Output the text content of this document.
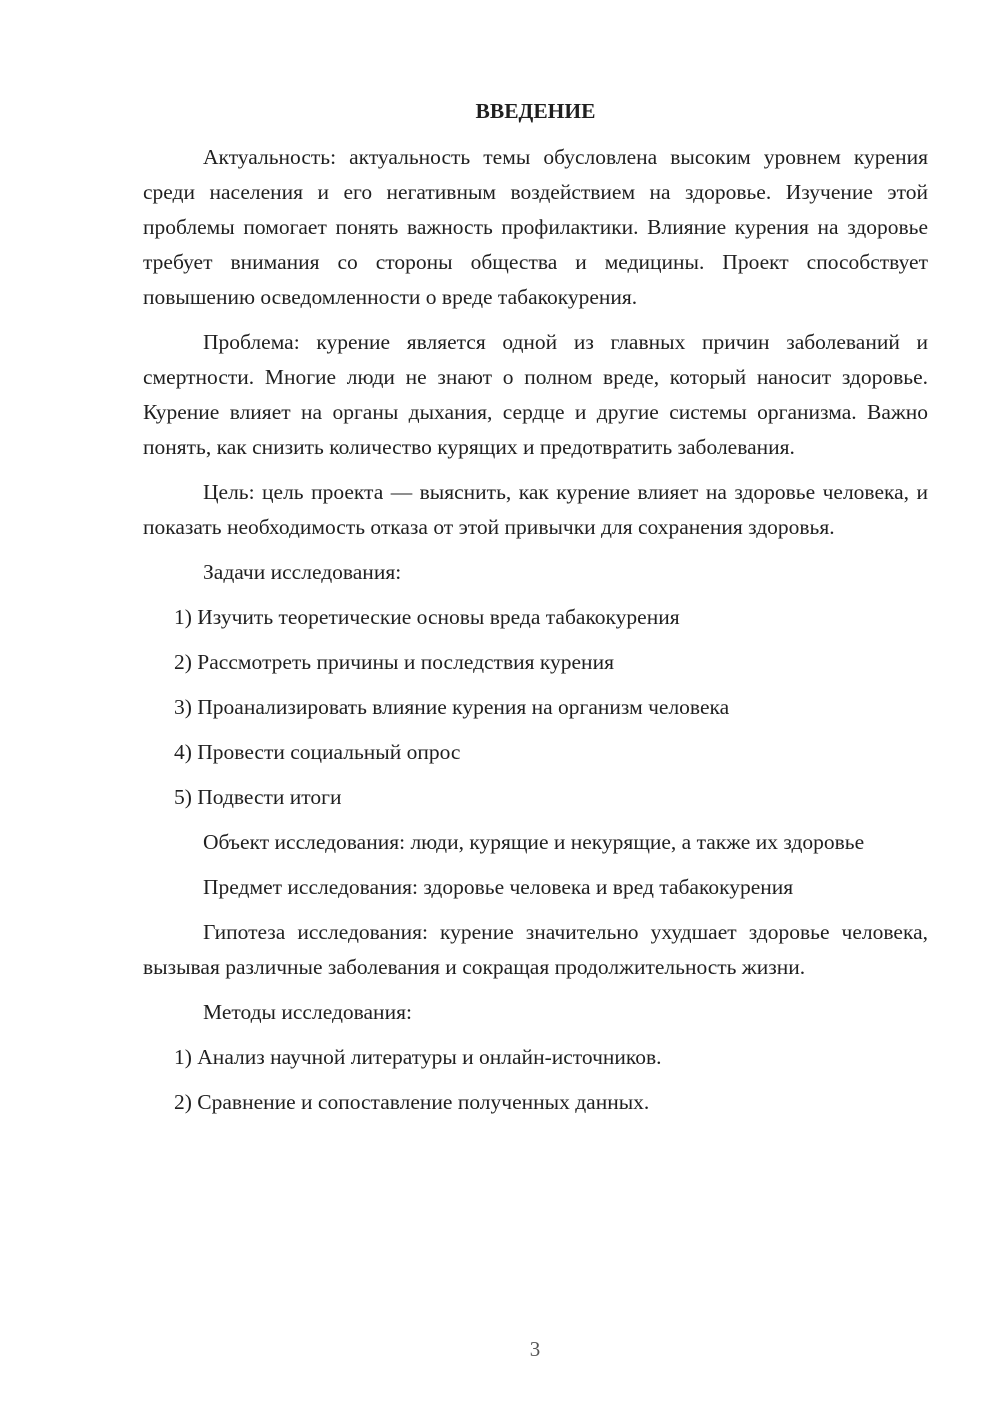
ВВЕДЕНИЕ

Актуальность: актуальность темы обусловлена высоким уровнем курения среди населения и его негативным воздействием на здоровье. Изучение этой проблемы помогает понять важность профилактики. Влияние курения на здоровье требует внимания со стороны общества и медицины. Проект способствует повышению осведомленности о вреде табакокурения.

Проблема: курение является одной из главных причин заболеваний и смертности. Многие люди не знают о полном вреде, который наносит здоровье. Курение влияет на органы дыхания, сердце и другие системы организма. Важно понять, как снизить количество курящих и предотвратить заболевания.

Цель: цель проекта — выяснить, как курение влияет на здоровье человека, и показать необходимость отказа от этой привычки для сохранения здоровья.

Задачи исследования:

1) Изучить теоретические основы вреда табакокурения

2) Рассмотреть причины и последствия курения

3) Проанализировать влияние курения на организм человека

4) Провести социальный опрос

5) Подвести итоги

Объект исследования: люди, курящие и некурящие, а также их здоровье

Предмет исследования: здоровье человека и вред табакокурения

Гипотеза исследования: курение значительно ухудшает здоровье человека, вызывая различные заболевания и сокращая продолжительность жизни.

Методы исследования:

1) Анализ научной литературы и онлайн-источников.

2) Сравнение и сопоставление полученных данных.

3
